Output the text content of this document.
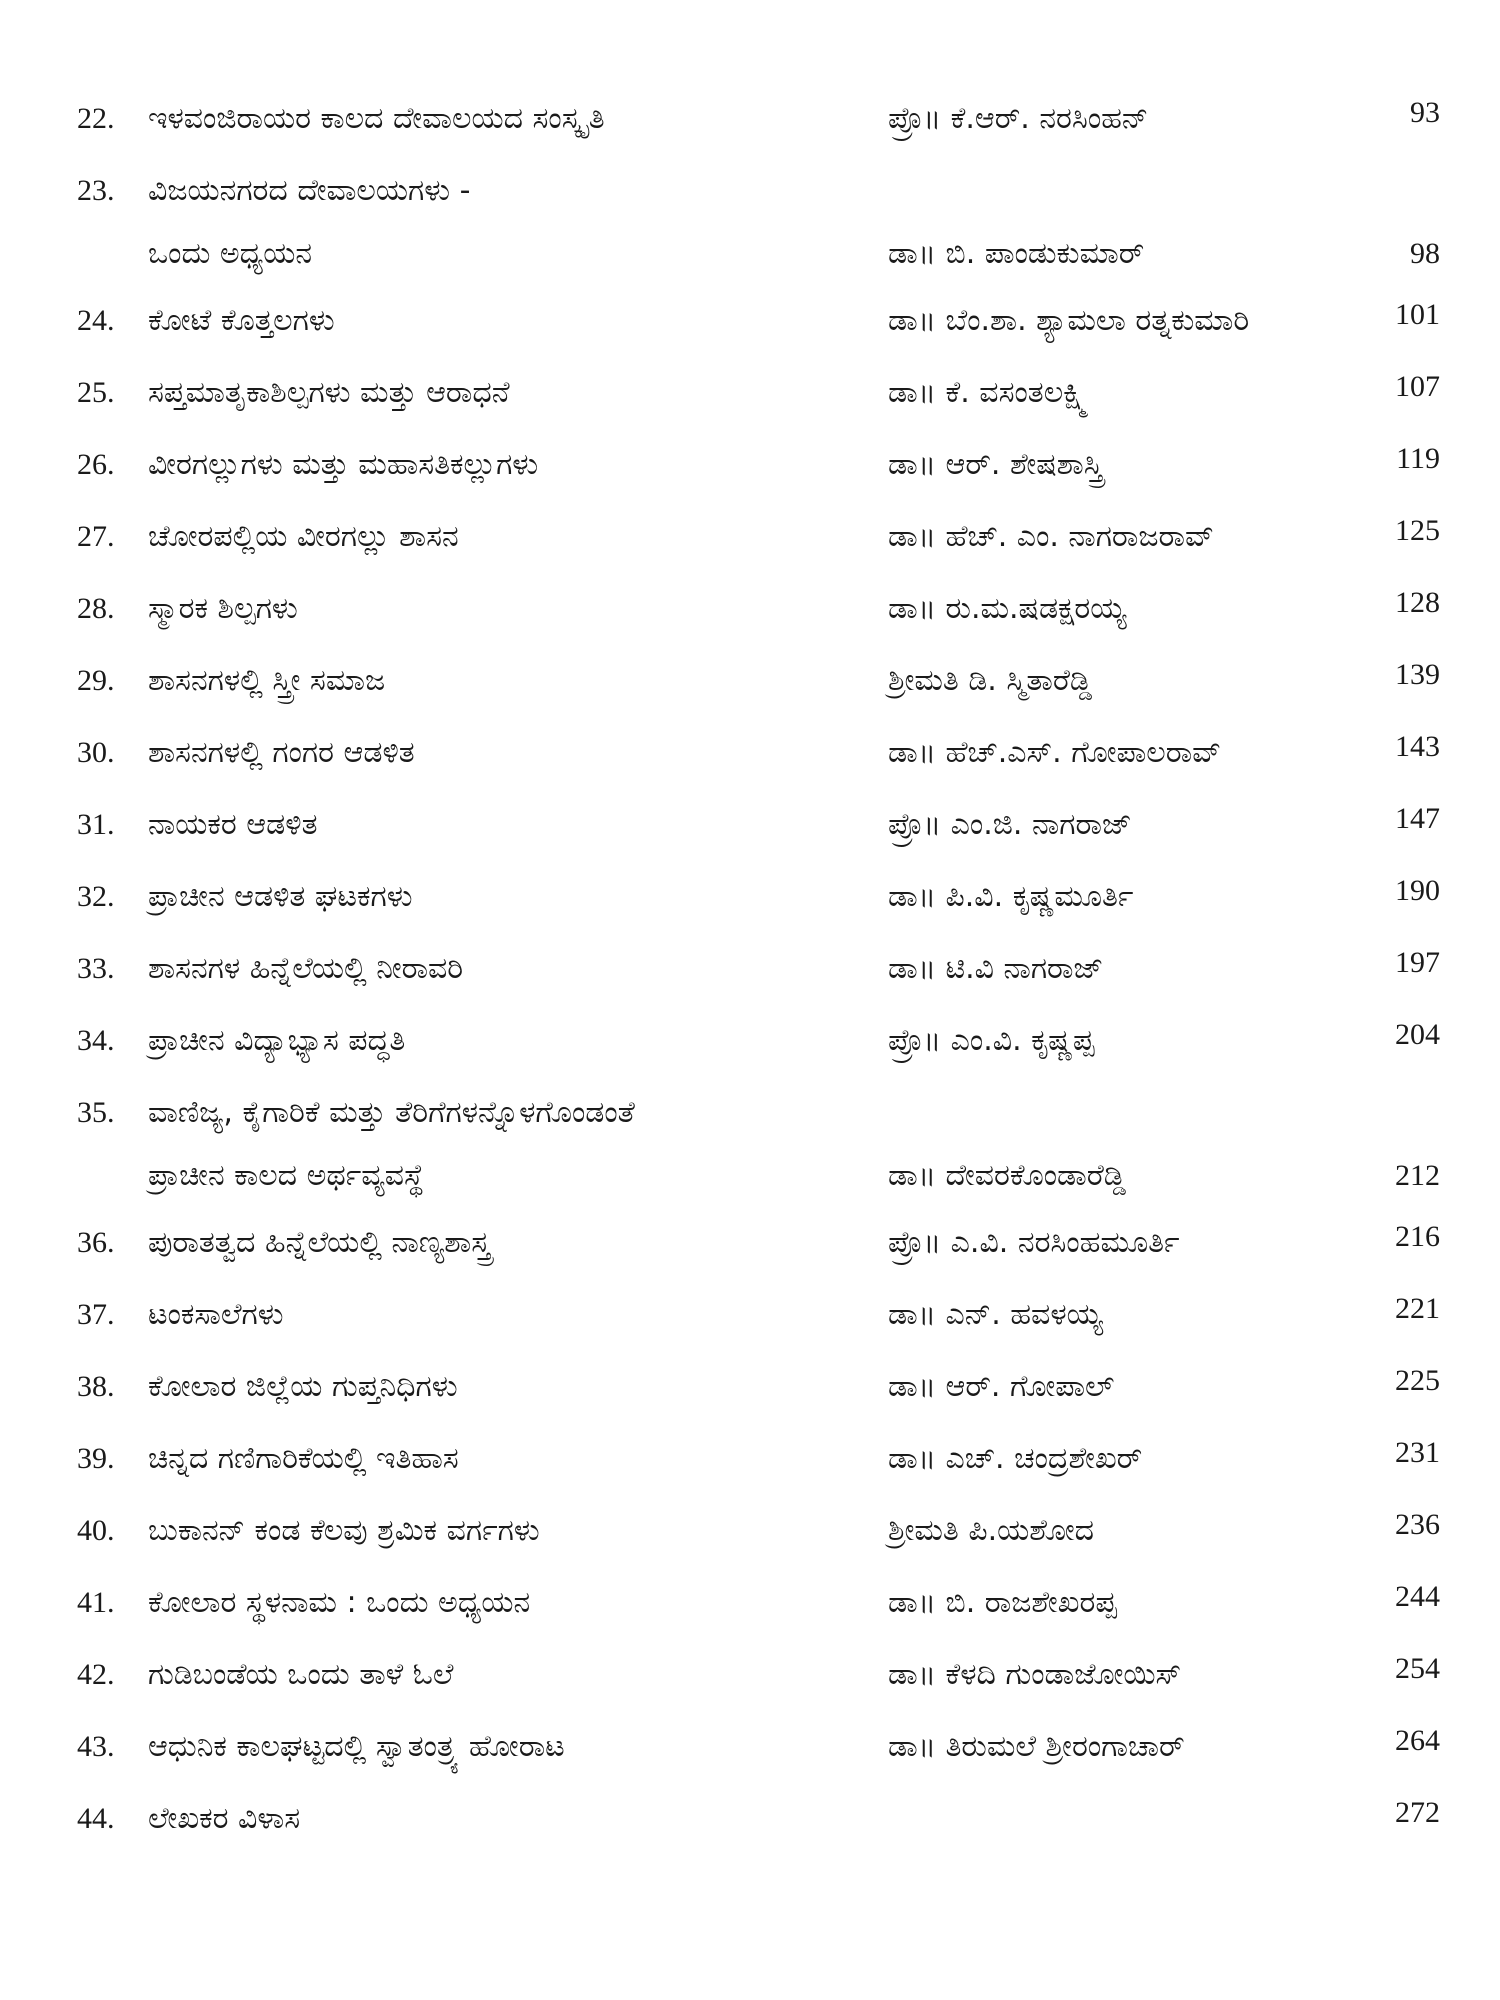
22. ಇಳವಂಜಿರಾಯರ ಕಾಲದ ದೇವಾಲಯದ ಸಂಸ್ಕೃತಿ	ಪ್ರೊ॥ ಕೆ.ಆರ್. ನರಸಿಂಹನ್	93
23. ವಿಜಯನಗರದ ದೇವಾಲಯಗಳು -
ಒಂದು ಅಧ್ಯಯನ	ಡಾ॥ ಬಿ. ಪಾಂಡುಕುಮಾರ್	98
24. ಕೋಟೆ ಕೊತ್ತಲಗಳು	ಡಾ॥ ಬೆಂ.ಶಾ. ಶ್ಯಾಮಲಾ ರತ್ನಕುಮಾರಿ	101
25. ಸಪ್ತಮಾತೃಕಾಶಿಲ್ಪಗಳು ಮತ್ತು ಆರಾಧನೆ	ಡಾ॥ ಕೆ. ವಸಂತಲಕ್ಷ್ಮಿ	107
26. ವೀರಗಲ್ಲುಗಳು ಮತ್ತು ಮಹಾಸತಿಕಲ್ಲುಗಳು	ಡಾ॥ ಆರ್. ಶೇಷಶಾಸ್ತ್ರಿ	119
27. ಚೋರಪಲ್ಲಿಯ ವೀರಗಲ್ಲು ಶಾಸನ	ಡಾ॥ ಹೆಚ್. ಎಂ. ನಾಗರಾಜರಾವ್	125
28. ಸ್ಮಾರಕ ಶಿಲ್ಪಗಳು	ಡಾ॥ ರು.ಮ.ಷಡಕ್ಷರಯ್ಯ	128
29. ಶಾಸನಗಳಲ್ಲಿ ಸ್ತ್ರೀ ಸಮಾಜ	ಶ್ರೀಮತಿ ಡಿ. ಸ್ಮಿತಾರೆಡ್ಡಿ	139
30. ಶಾಸನಗಳಲ್ಲಿ ಗಂಗರ ಆಡಳಿತ	ಡಾ॥ ಹೆಚ್.ಎಸ್. ಗೋಪಾಲರಾವ್	143
31. ನಾಯಕರ ಆಡಳಿತ	ಪ್ರೊ॥ ಎಂ.ಜಿ. ನಾಗರಾಜ್	147
32. ಪ್ರಾಚೀನ ಆಡಳಿತ ಘಟಕಗಳು	ಡಾ॥ ಪಿ.ವಿ. ಕೃಷ್ಣಮೂರ್ತಿ	190
33. ಶಾಸನಗಳ ಹಿನ್ನೆಲೆಯಲ್ಲಿ ನೀರಾವರಿ	ಡಾ॥ ಟಿ.ವಿ ನಾಗರಾಜ್	197
34. ಪ್ರಾಚೀನ ವಿದ್ಯಾಭ್ಯಾಸ ಪದ್ಧತಿ	ಪ್ರೊ॥ ಎಂ.ವಿ. ಕೃಷ್ಣಪ್ಪ	204
35. ವಾಣಿಜ್ಯ, ಕೈಗಾರಿಕೆ ಮತ್ತು ತೆರಿಗೆಗಳನ್ನೊಳಗೊಂಡಂತೆ
ಪ್ರಾಚೀನ ಕಾಲದ ಅರ್ಥವ್ಯವಸ್ಥೆ	ಡಾ॥ ದೇವರಕೊಂಡಾರೆಡ್ಡಿ	212
36. ಪುರಾತತ್ವದ ಹಿನ್ನೆಲೆಯಲ್ಲಿ ನಾಣ್ಯಶಾಸ್ತ್ರ	ಪ್ರೊ॥ ಎ.ವಿ. ನರಸಿಂಹಮೂರ್ತಿ	216
37. ಟಂಕಸಾಲೆಗಳು	ಡಾ॥ ಎನ್. ಹವಳಯ್ಯ	221
38. ಕೋಲಾರ ಜಿಲ್ಲೆಯ ಗುಪ್ತನಿಧಿಗಳು	ಡಾ॥ ಆರ್. ಗೋಪಾಲ್	225
39. ಚಿನ್ನದ ಗಣಿಗಾರಿಕೆಯಲ್ಲಿ ಇತಿಹಾಸ	ಡಾ॥ ಎಚ್. ಚಂದ್ರಶೇಖರ್	231
40. ಬುಕಾನನ್ ಕಂಡ ಕೆಲವು ಶ್ರಮಿಕ ವರ್ಗಗಳು	ಶ್ರೀಮತಿ ಪಿ.ಯಶೋದ	236
41. ಕೋಲಾರ ಸ್ಥಳನಾಮ : ಒಂದು ಅಧ್ಯಯನ	ಡಾ॥ ಬಿ. ರಾಜಶೇಖರಪ್ಪ	244
42. ಗುಡಿಬಂಡೆಯ ಒಂದು ತಾಳೆ ಓಲೆ	ಡಾ॥ ಕೆಳದಿ ಗುಂಡಾಜೋಯಿಸ್	254
43. ಆಧುನಿಕ ಕಾಲಘಟ್ಟದಲ್ಲಿ ಸ್ವಾತಂತ್ರ್ಯ ಹೋರಾಟ	ಡಾ॥ ತಿರುಮಲೆ ಶ್ರೀರಂಗಾಚಾರ್	264
44. ಲೇಖಕರ ವಿಳಾಸ	272
